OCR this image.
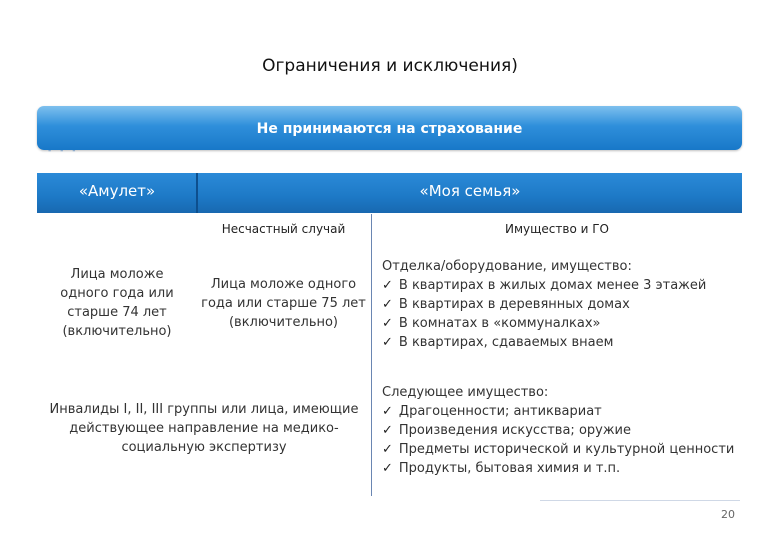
Ограничения и исключения)
Не принимаются на страхование
- - -
«Амулет»	«Моя семья»
Несчастный случай	Имущество и ГО
Лица моложе
одного года или
старше 74 лет
(включительно)
Лица моложе одного
года или старше 75 лет
(включительно)
Инвалиды I, II, III группы или лица, имеющие
действующее направление на медико-
социальную экспертизу
Отделка/оборудование, имущество:
✓ В квартирах в жилых домах менее 3 этажей
✓ В квартирах в деревянных домах
✓ В комнатах в «коммуналках»
✓ В квартирах, сдаваемых внаем
Следующее имущество:
✓ Драгоценности; антиквариат
✓ Произведения искусства; оружие
✓ Предметы исторической и культурной ценности
✓ Продукты, бытовая химия и т.п.
20
